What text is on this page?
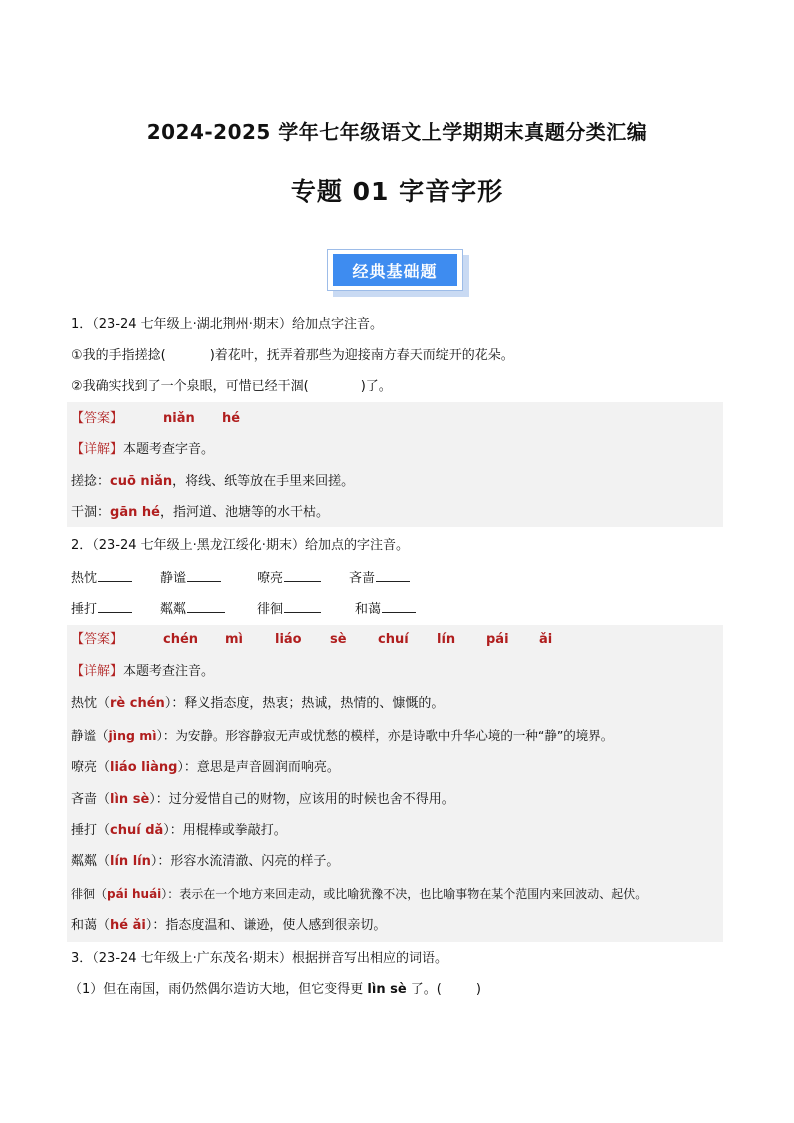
2024-2025 学年七年级语文上学期期末真题分类汇编
专题 01 字音字形
经典基础题
1．（23-24 七年级上·湖北荆州·期末）给加点字注音。
①我的手指搓捻(	)着花叶，抚弄着那些为迎接南方春天而绽开的花朵。
②我确实找到了一个泉眼，可惜已经干涸(	)了。
【答案】	niǎn hé
【详解】本题考查字音。
搓捻：cuō niǎn，将线、纸等放在手里来回搓。
干涸：gān hé，指河道、池塘等的水干枯。
2．（23-24 七年级上·黑龙江绥化·期末）给加点的字注音。
热忱	静谧	嘹亮	吝啬
捶打	粼粼	徘徊	和蔼
【答案】	chén mì liáo sè chuí lín pái ǎi
【详解】本题考查注音。
热忱（rè chén）：释义指态度，热衷；热诚，热情的、慷慨的。
静谧（jìng mì）：为安静。形容静寂无声或忧愁的模样，亦是诗歌中升华心境的一种“静”的境界。
嘹亮（liáo liàng）：意思是声音圆润而响亮。
吝啬（lìn sè）：过分爱惜自己的财物，应该用的时候也舍不得用。
捶打（chuí dǎ）：用棍棒或拳敲打。
粼粼（lín lín）：形容水流清澈、闪亮的样子。
徘徊（pái huái）：表示在一个地方来回走动，或比喻犹豫不决，也比喻事物在某个范围内来回波动、起伏。
和蔼（hé ǎi）：指态度温和、谦逊，使人感到很亲切。
3．（23-24 七年级上·广东茂名·期末）根据拼音写出相应的词语。
（1）但在南国，雨仍然偶尔造访大地，但它变得更 lìn sè 了。(	)
